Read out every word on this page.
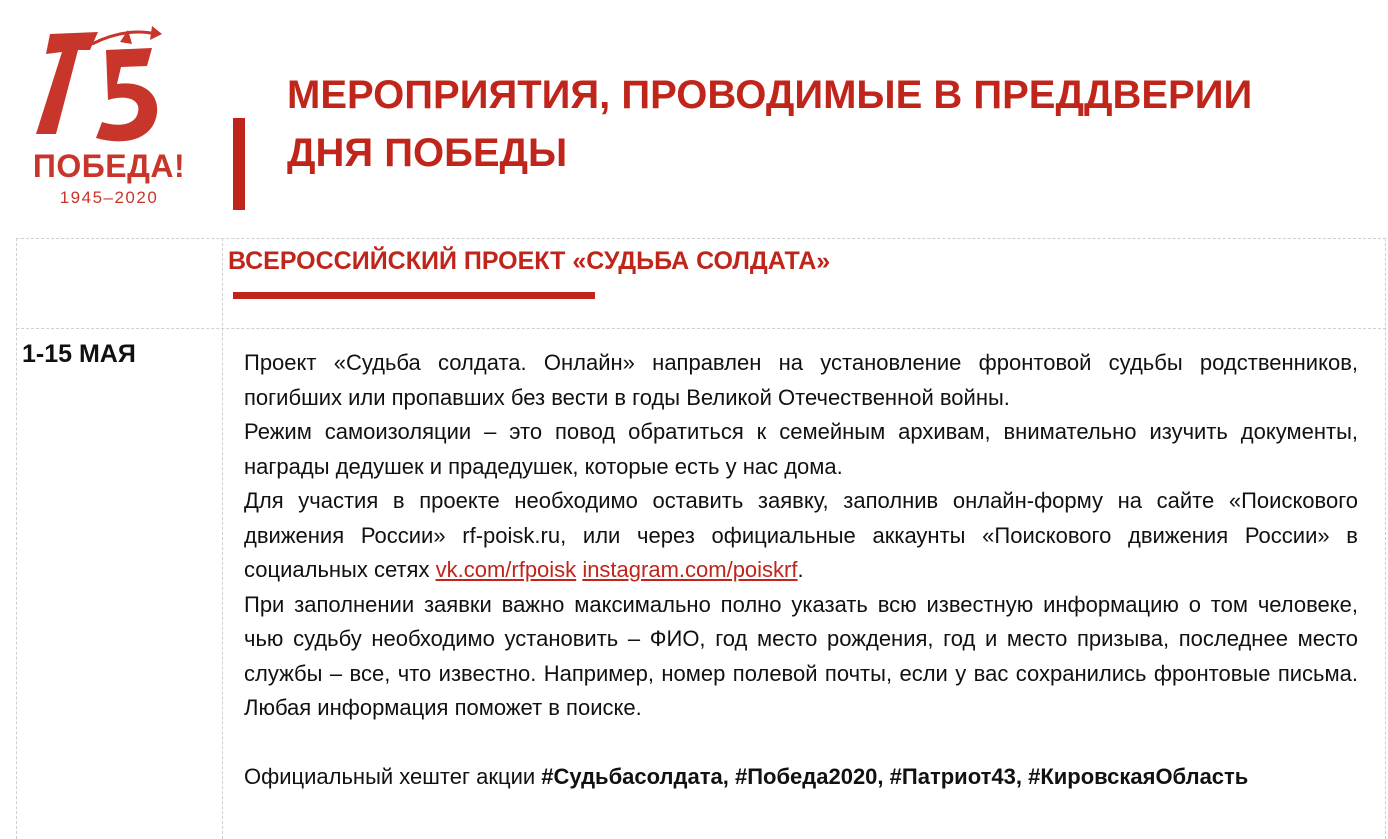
ПОБЕДА!
1945–2020
МЕРОПРИЯТИЯ, ПРОВОДИМЫЕ В ПРЕДДВЕРИИ
ДНЯ ПОБЕДЫ
ВСЕРОССИЙСКИЙ ПРОЕКТ «СУДЬБА СОЛДАТА»
1-15 МАЯ	Проект «Судьба солдата. Онлайн» направлен на установление фронтовой судьбы родственников, погибших или пропавших без вести в годы Великой Отечественной войны.

Режим самоизоляции – это повод обратиться к семейным архивам, внимательно изучить документы, награды дедушек и прадедушек, которые есть у нас дома.

Для участия в проекте необходимо оставить заявку, заполнив онлайн-форму на сайте «Поискового движения России» rf-poisk.ru, или через официальные аккаунты «Поискового движения России» в социальных сетях vk.com/rfpoisk instagram.com/poiskrf.

При заполнении заявки важно максимально полно указать всю известную информацию о том человеке, чью судьбу необходимо установить – ФИО, год место рождения, год и место призыва, последнее место службы – все, что известно. Например, номер полевой почты, если у вас сохранились фронтовые письма. Любая информация поможет в поиске.

Официальный хештег акции #Судьбасолдата, #Победа2020, #Патриот43, #КировскаяОбласть
